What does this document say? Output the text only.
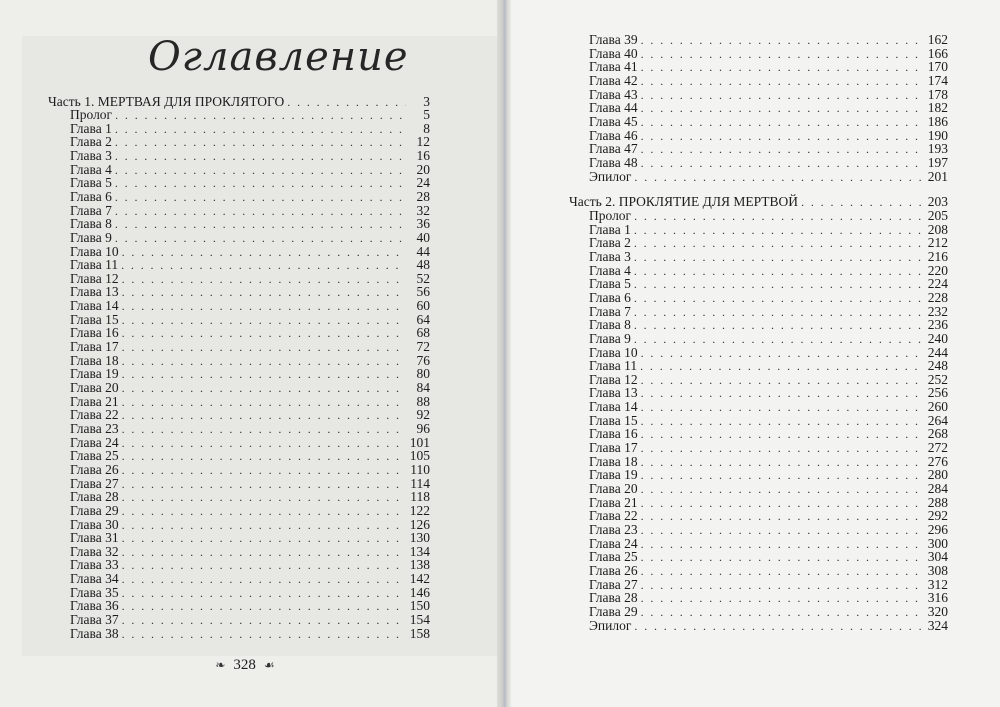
Оглавление
Часть 1. МЕРТВАЯ ДЛЯ ПРОКЛЯТОГО . . .	3
Пролог . . .	5
Глава 1 . . .	8
Глава 2 . . .	12
Глава 3 . . .	16
Глава 4 . . .	20
Глава 5 . . .	24
Глава 6 . . .	28
Глава 7 . . .	32
Глава 8 . . .	36
Глава 9 . . .	40
Глава 10 . . .	44
Глава 11 . . .	48
Глава 12 . . .	52
Глава 13 . . .	56
Глава 14 . . .	60
Глава 15 . . .	64
Глава 16 . . .	68
Глава 17 . . .	72
Глава 18 . . .	76
Глава 19 . . .	80
Глава 20 . . .	84
Глава 21 . . .	88
Глава 22 . . .	92
Глава 23 . . .	96
Глава 24 . . .	101
Глава 25 . . .	105
Глава 26 . . .	110
Глава 27 . . .	114
Глава 28 . . .	118
Глава 29 . . .	122
Глава 30 . . .	126
Глава 31 . . .	130
Глава 32 . . .	134
Глава 33 . . .	138
Глава 34 . . .	142
Глава 35 . . .	146
Глава 36 . . .	150
Глава 37 . . .	154
Глава 38 . . .	158
❧ 328 ☙
Глава 39 . . .	162
Глава 40 . . .	166
Глава 41 . . .	170
Глава 42 . . .	174
Глава 43 . . .	178
Глава 44 . . .	182
Глава 45 . . .	186
Глава 46 . . .	190
Глава 47 . . .	193
Глава 48 . . .	197
Эпилог . . .	201
Часть 2. ПРОКЛЯТИЕ ДЛЯ МЕРТВОЙ . . .	203
Пролог . . .	205
Глава 1 . . .	208
Глава 2 . . .	212
Глава 3 . . .	216
Глава 4 . . .	220
Глава 5 . . .	224
Глава 6 . . .	228
Глава 7 . . .	232
Глава 8 . . .	236
Глава 9 . . .	240
Глава 10 . . .	244
Глава 11 . . .	248
Глава 12 . . .	252
Глава 13 . . .	256
Глава 14 . . .	260
Глава 15 . . .	264
Глава 16 . . .	268
Глава 17 . . .	272
Глава 18 . . .	276
Глава 19 . . .	280
Глава 20 . . .	284
Глава 21 . . .	288
Глава 22 . . .	292
Глава 23 . . .	296
Глава 24 . . .	300
Глава 25 . . .	304
Глава 26 . . .	308
Глава 27 . . .	312
Глава 28 . . .	316
Глава 29 . . .	320
Эпилог . . .	324
